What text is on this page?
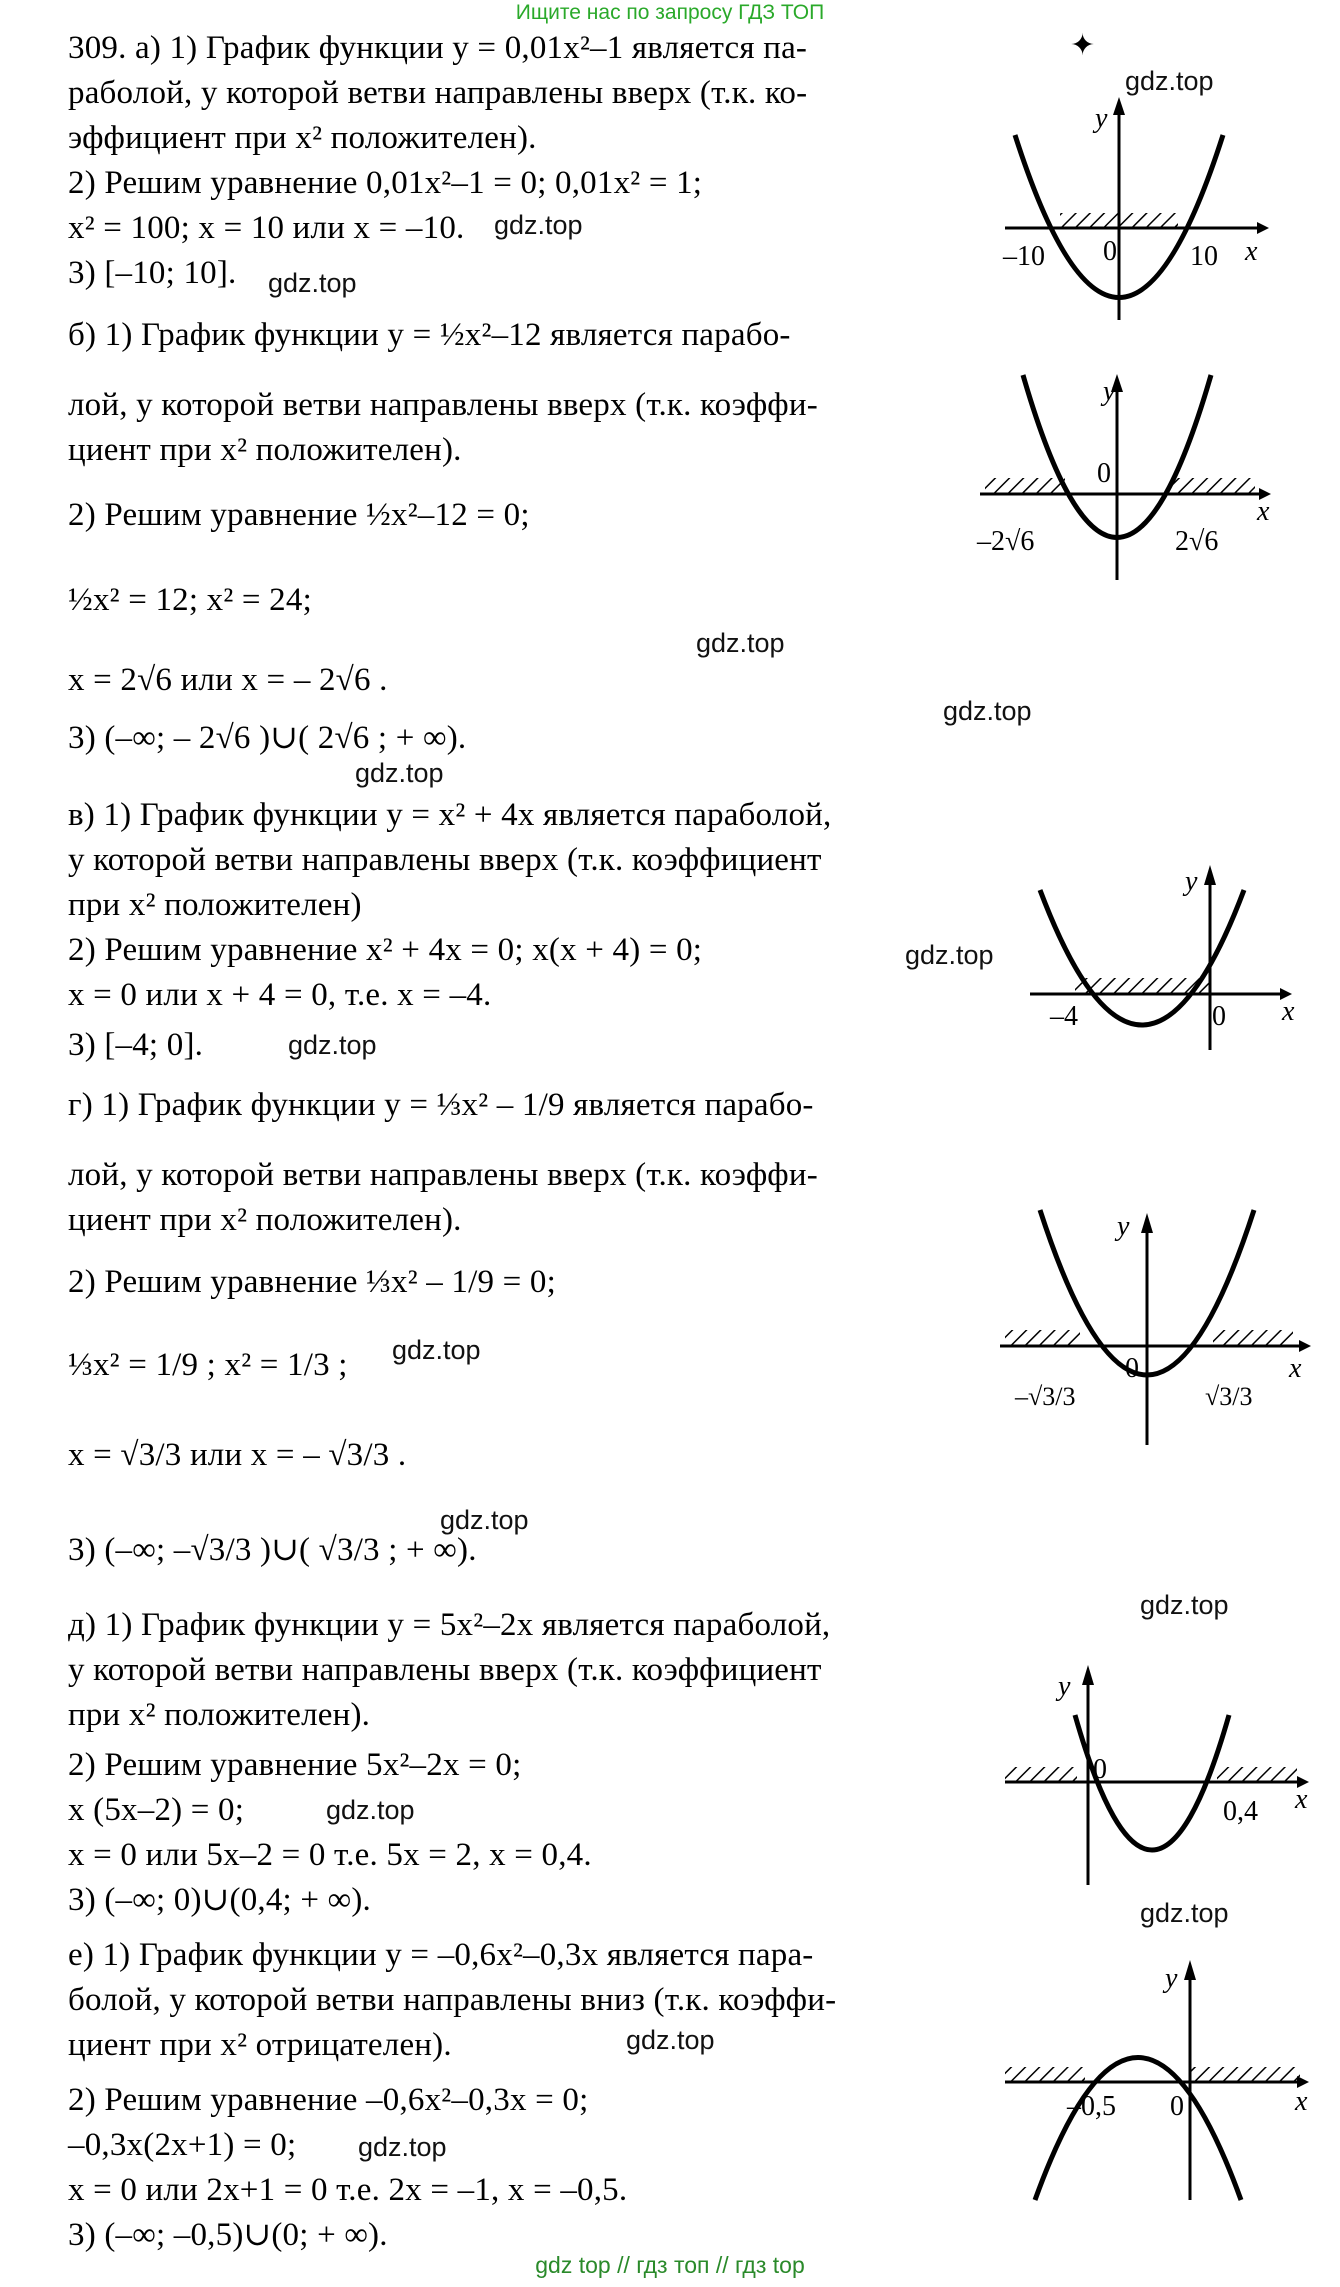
Ищите нас по запросу ГДЗ ТОП
✦
309. а) 1) График функции y = 0,01x²–1 является па-
раболой, у которой ветви направлены вверх (т.к. ко-
эффициент при x² положителен).
2) Решим уравнение 0,01x²–1 = 0; 0,01x² = 1;
x² = 100; x = 10 или x = –10.
3) [–10; 10].
б) 1) График функции y = ½x²–12 является парабо-
лой, у которой ветви направлены вверх (т.к. коэффи-
циент при x² положителен).
2) Решим уравнение ½x²–12 = 0;
½x² = 12; x² = 24;
x = 2√6 или x = – 2√6 .
3) (–∞; – 2√6 )∪( 2√6 ; + ∞).
в) 1) График функции y = x² + 4x является параболой,
у которой ветви направлены вверх (т.к. коэффициент
при x² положителен)
2) Решим уравнение x² + 4x = 0; x(x + 4) = 0;
x = 0 или x + 4 = 0, т.е. x = –4.
3) [–4; 0].
г) 1) График функции y = ⅓x² – 1/9 является парабо-
лой, у которой ветви направлены вверх (т.к. коэффи-
циент при x² положителен).
2) Решим уравнение ⅓x² – 1/9 = 0;
⅓x² = 1/9 ; x² = 1/3 ;
x = √3/3 или x = – √3/3 .
3) (–∞; –√3/3 )∪( √3/3 ; + ∞).
д) 1) График функции y = 5x²–2x является параболой,
у которой ветви направлены вверх (т.к. коэффициент
при x² положителен).
2) Решим уравнение 5x²–2x = 0;
x (5x–2) = 0;
x = 0 или 5x–2 = 0 т.е. 5x = 2, x = 0,4.
3) (–∞; 0)∪(0,4; + ∞).
е) 1) График функции y = –0,6x²–0,3x является пара-
болой, у которой ветви направлены вниз (т.к. коэффи-
циент при x² отрицателен).
2) Решим уравнение –0,6x²–0,3x = 0;
–0,3x(2x+1) = 0;
x = 0 или 2x+1 = 0 т.е. 2x = –1, x = –0,5.
3) (–∞; –0,5)∪(0; + ∞).
gdz.top
gdz.top
gdz.top
gdz.top
gdz.top
gdz.top
gdz.top
gdz.top
gdz.top
gdz.top
gdz.top
gdz.top
gdz.top
gdz.top
gdz.top
y
x
0
–10	10
y
x
0
–2√6	2√6
y
x
–4	0
y
x
0
–√3/3	√3/3
y
x
0
0,4
y
x
–0,5 0
gdz top // гдз топ // гдз top
